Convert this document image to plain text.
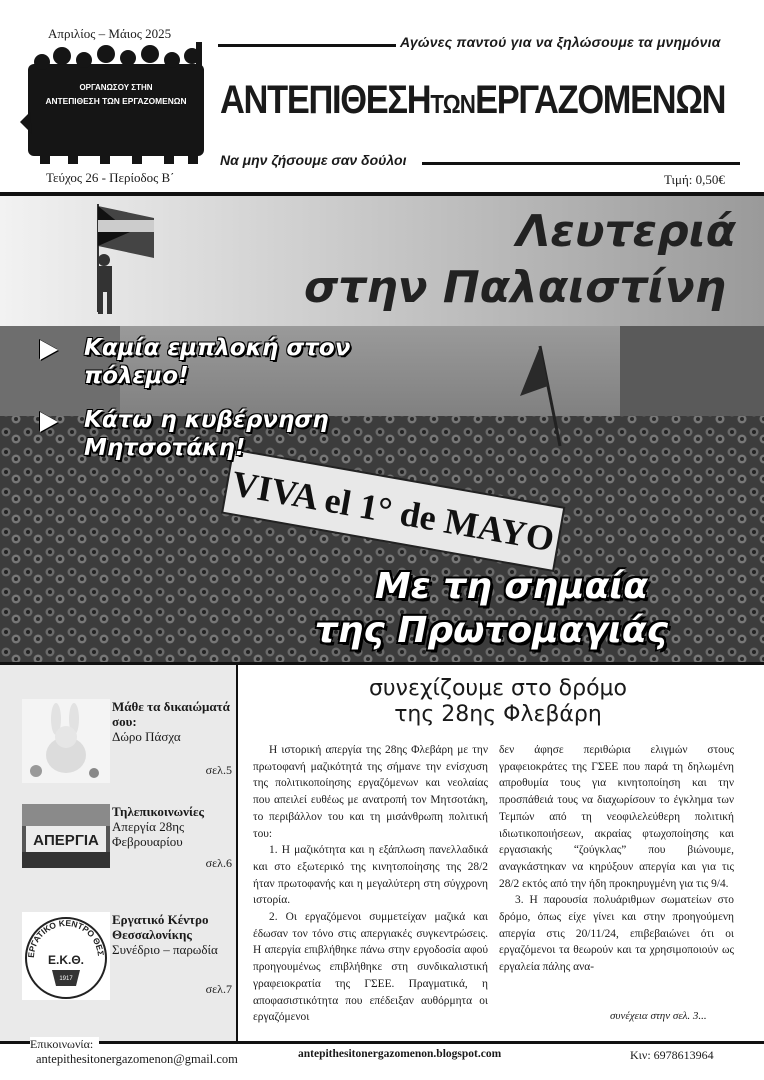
Απριλίος – Μάιος 2025
ΟΡΓΑΝΩΣΟΥ ΣΤΗΝ
ΑΝΤΕΠΙΘΕΣΗ ΤΩΝ ΕΡΓΑΖΟΜΕΝΩΝ
Τεύχος 26 - Περίοδος Β΄
Αγώνες παντού για να ξηλώσουμε τα μνημόνια
ΑΝΤΕΠΙΘΕΣΗΤΩΝΕΡΓΑΖΟΜΕΝΩΝ
Να μην ζήσουμε σαν δούλοι
Τιμή: 0,50€
Λευτεριά
στην Παλαιστίνη
VIVA el 1° de MAYO
Καμία εμπλοκή στον
πόλεμο!
Κάτω η κυβέρνηση
Μητσοτάκη!
Με τη σημαία
της Πρωτομαγιάς
Μάθε τα δικαιώματά σου:
Δώρο Πάσχα
σελ.5
ΑΠΕΡΓΙΑ
Τηλεπικοινωνίες
Απεργία 28ης Φεβρουαρίου
σελ.6
ΕΡΓΑΤΙΚΟ ΚΕΝΤΡΟ ΘΕΣ
Ε.Κ.Θ.
1917
Εργατικό Κέντρο Θεσσαλονίκης
Συνέδριο – παρωδία
σελ.7
συνεχίζουμε στο δρόμο
της 28ης Φλεβάρη

Η ιστορική απεργία της 28ης Φλεβάρη με την πρωτοφανή μαζικότητά της σήμανε την ενίσχυση της πολιτικοποίησης εργαζόμενων και νεολαίας που απειλεί ευθέως με ανατροπή τον Μητσοτάκη, το περιβάλλον του και τη μισάνθρωπη πολιτική του:

1. Η μαζικότητα και η εξάπλωση πανελλαδικά και στο εξωτερικό της κινητοποίησης της 28/2 ήταν πρωτοφανής και η μεγαλύτερη στη σύγχρονη ιστορία.

2. Οι εργαζόμενοι συμμετείχαν μαζικά και έδωσαν τον τόνο στις απεργιακές συγκεντρώσεις. Η απεργία επιβλήθηκε πάνω στην εργοδοσία αφού προηγουμένως επιβλήθηκε στη συνδικαλιστική γραφειοκρατία της ΓΣΕΕ. Πραγματικά, η αποφασιστικότητα που επέδειξαν αυθόρμητα οι εργαζόμενοι

δεν άφησε περιθώρια ελιγμών στους γραφειοκράτες της ΓΣΕΕ που παρά τη δηλωμένη απροθυμία τους για κινητοποίηση και την προσπάθειά τους να διαχωρίσουν το έγκλημα των Τεμπών από τη νεοφιλελεύθερη πολιτική ιδιωτικοποιήσεων, ακραίας φτωχοποίησης και εργασιακής “ζούγκλας” που βιώνουμε, αναγκάστηκαν να κηρύξουν απεργία και για τις 28/2 εκτός από την ήδη προκηρυγμένη για τις 9/4.

3. Η παρουσία πολυάριθμων σωματείων στο δρόμο, όπως είχε γίνει και στην προηγούμενη απεργία στις 20/11/24, επιβεβαιώνει ότι οι εργαζόμενοι τα θεωρούν και τα χρησιμοποιούν ως εργαλεία πάλης ανα-

συνέχεια στην σελ. 3...
Επικοινωνία:
antepithesitonergazomenon@gmail.com	antepithesitonergazomenon.blogspot.com	Κιν: 6978613964
